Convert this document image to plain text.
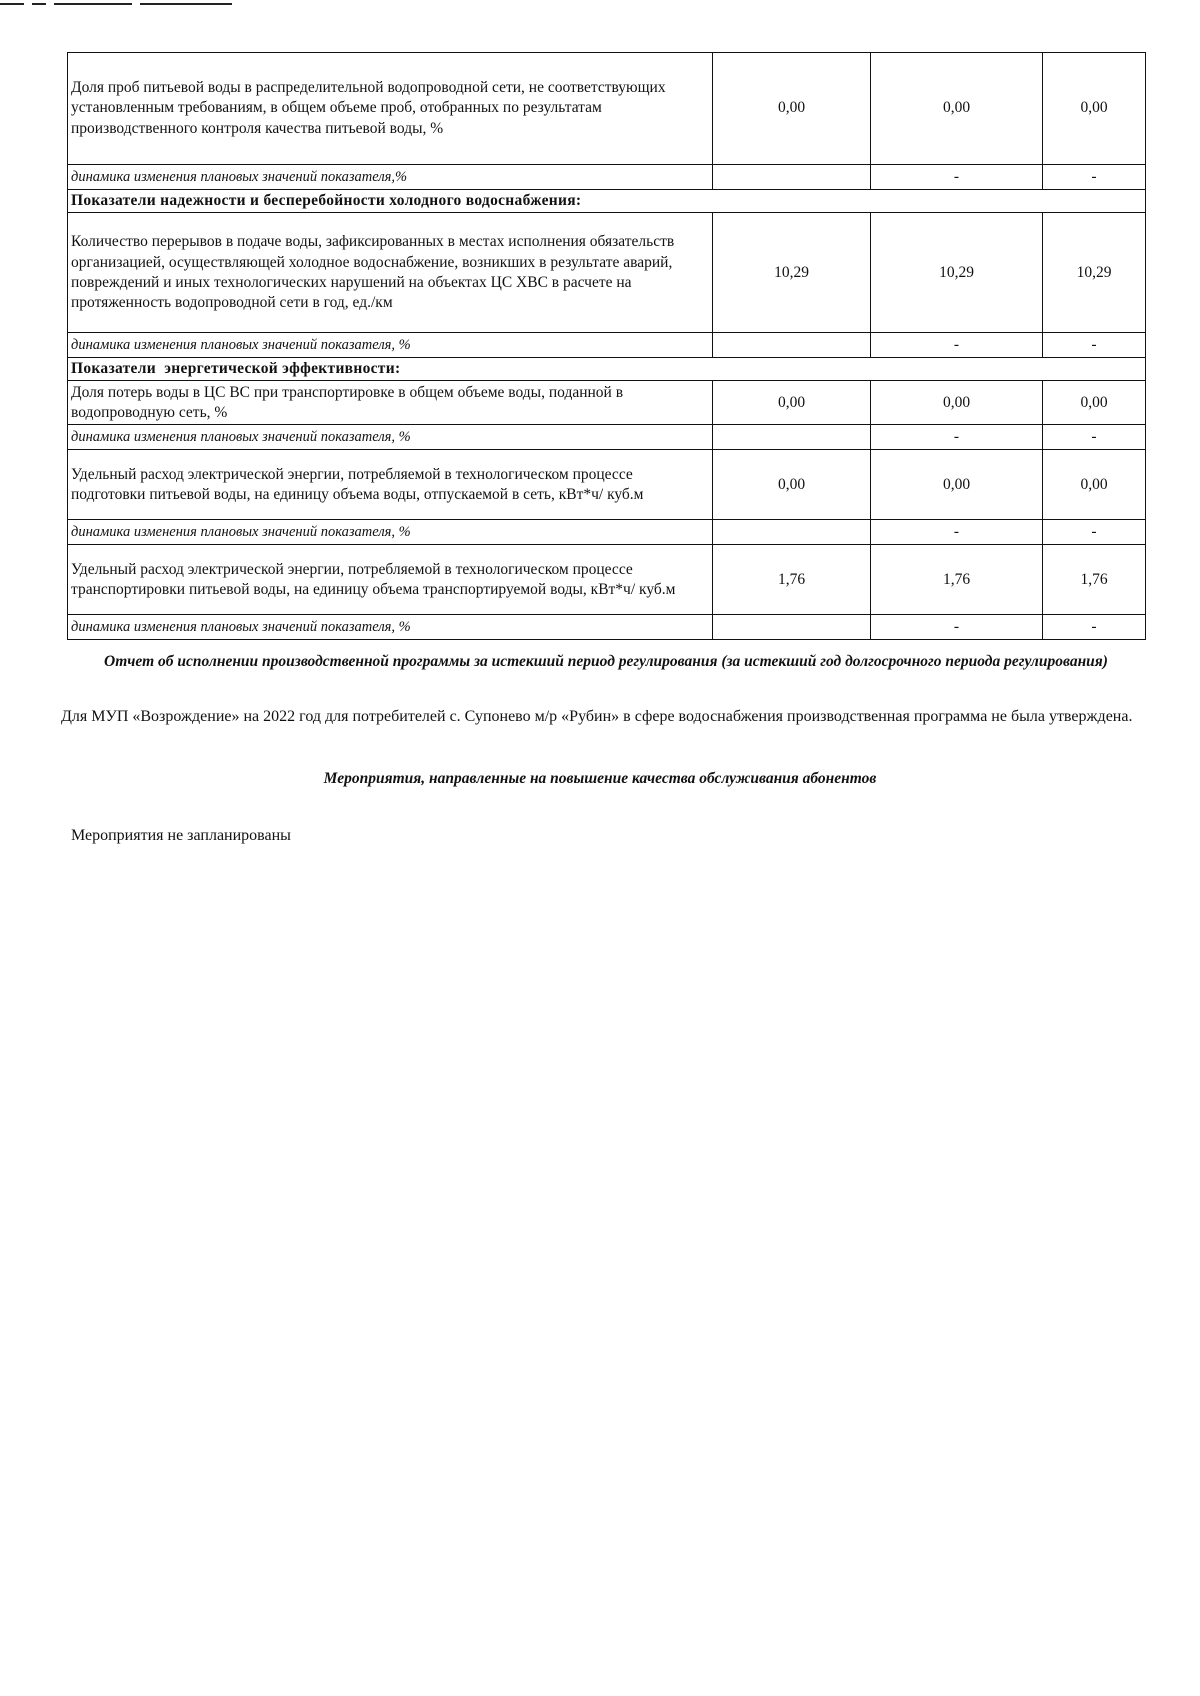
Доля проб питьевой воды в распределительной водопроводной сети, не соответствующих установленным требованиям, в общем объеме проб, отобранных по результатам производственного контроля качества питьевой воды, %	0,00	0,00	0,00
динамика изменения плановых значений показателя,%		-	-
Показатели надежности и бесперебойности холодного водоснабжения:			
Количество перерывов в подаче воды, зафиксированных в местах исполнения обязательств организацией, осуществляющей холодное водоснабжение, возникших в результате аварий, повреждений и иных технологических нарушений на объектах ЦС ХВС в расчете на протяженность водопроводной сети в год, ед./км	10,29	10,29	10,29
динамика изменения плановых значений показателя, %		-	-
Показатели  энергетической эффективности:			
Доля потерь воды в ЦС ВС при транспортировке в общем объеме воды, поданной в водопроводную сеть, %	0,00	0,00	0,00
динамика изменения плановых значений показателя, %		-	-
Удельный расход электрической энергии, потребляемой в технологическом процессе подготовки питьевой воды, на единицу объема воды, отпускаемой в сеть, кВт*ч/ куб.м	0,00	0,00	0,00
динамика изменения плановых значений показателя, %		-	-
Удельный расход электрической энергии, потребляемой в технологическом процессе транспортировки питьевой воды, на единицу объема транспортируемой воды, кВт*ч/ куб.м	1,76	1,76	1,76
динамика изменения плановых значений показателя, %		-	-
Отчет об исполнении производственной программы за истекший период регулирования (за истекший год долгосрочного периода регулирования)
Для МУП «Возрождение» на 2022 год для потребителей с. Супонево м/р «Рубин» в сфере водоснабжения производственная программа не была утверждена.
Мероприятия, направленные на повышение качества обслуживания абонентов
Мероприятия не запланированы
